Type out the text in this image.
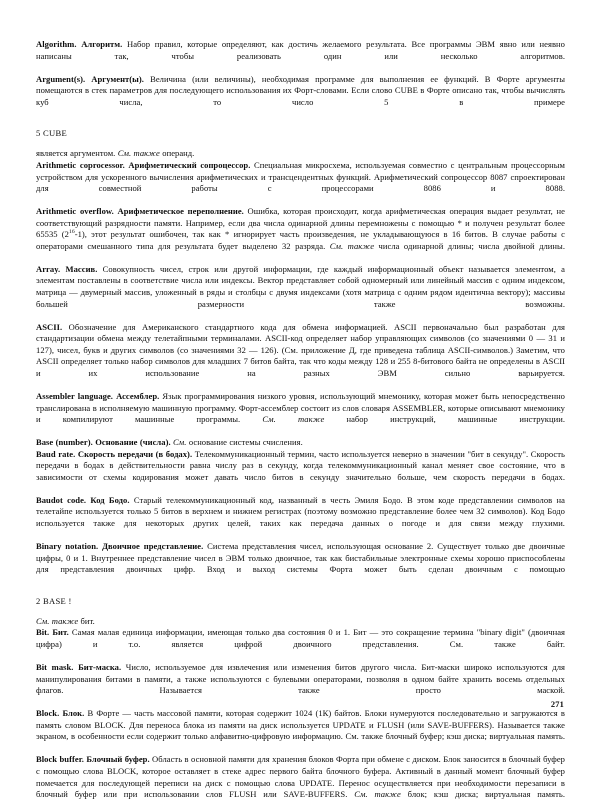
Algorithm. Алгоритм. Набор правил, которые определяют, как достичь желаемого результата. Все программы ЭВМ явно или неявно написаны так, чтобы реализовать один или несколько алгоритмов.

Argument(s). Аргумент(ы). Величина (или величины), необходимая программе для выполнения ее функций. В Форте аргументы помещаются в стек параметров для последующего использования их Форт-словами. Если слово CUBE в Форте описано так, чтобы вычислять куб числа, то число 5 в примере

5 CUBE

является аргументом. См. также операнд.

Arithmetic coprocessor. Арифметический сопроцессор. Специальная микросхема, используемая совместно с центральным процессорным устройством для ускоренного вычисления арифметических и трансцендентных функций. Арифметический сопроцессор 8087 спроектирован для совместной работы с процессорами 8086 и 8088.

Arithmetic overflow. Арифметическое переполнение. Ошибка, которая происходит, когда арифметическая операция выдает результат, не соответствующий разрядности памяти. Например, если два числа одинарной длины перемножены с помощью * и получен результат более 65535 $(2^{16}-1)$, этот результат ошибочен, так как * игнорирует часть произведения, не укладывающуюся в 16 битов. В случае работы с операторами смешанного типа для результата будет выделено 32 разряда. См. также числа одинарной длины; числа двойной длины.

Array. Массив. Совокупность чисел, строк или другой информации, где каждый информационный объект называется элементом, а элементам поставлены в соответствие числа или индексы. Вектор представляет собой одномерный или линейный массив с одним индексом, матрица — двумерный массив, уложенный в ряды и столбцы с двумя индексами (хотя матрица с одним рядом идентична вектору); массивы большей размерности также возможны.

ASCII. Обозначение для Американского стандартного кода для обмена информацией. ASCII первоначально был разработан для стандартизации обмена между телетайпными терминалами. ASCII-код определяет набор управляющих символов (со значениями 0 — 31 и 127), чисел, букв и других символов (со значениями 32 — 126). (См. приложение Д, где приведена таблица ASCII-символов.) Заметим, что ASCII определяет только набор символов для младших 7 битов байта, так что коды между 128 и 255 8-битового байта не определены в ASCII и их использование на разных ЭВМ сильно варьируется.

Assembler language. Ассемблер. Язык программирования низкого уровня, использующий мнемонику, которая может быть непосредственно транслирована в исполняемую машинную программу. Форт-ассемблер состоит из слов словаря ASSEMBLER, которые описывают мнемонику и компилируют машинные программы. См. также набор инструкций, машинные инструкции.

Base (number). Основание (числа). См. основание системы счисления.

Baud rate. Скорость передачи (в бодах). Телекоммуникационный термин, часто используется неверно в значении "бит в секунду". Скорость передачи в бодах в действительности равна числу раз в секунду, когда телекоммуникационный канал меняет свое состояние, что в зависимости от схемы кодирования может давать число битов в секунду значительно больше, чем скорость передачи в бодах.

Baudot code. Код Бодо. Старый телекоммуникационный код, названный в честь Эмиля Бодо. В этом коде представлении символов на телетайпе используется только 5 битов в верхнем и нижнем регистрах (поэтому возможно представление более чем 32 символов). Код Бодо используется также для некоторых других целей, таких как передача данных о погоде и для связи между глухими.

Binary notation. Двоичное представление. Система представления чисел, использующая основание 2. Существует только две двоичные цифры, 0 и 1. Внутреннее представление чисел в ЭВМ только двоичное, так как бистабильные электронные схемы хорошо приспособлены для представления двоичных цифр. Вход и выход системы Форта может быть сделан двоичным с помощью

2 BASE !

См. также бит.

Bit. Бит. Самая малая единица информации, имеющая только два состояния 0 и 1. Бит — это сокращение термина "binary digit" (двоичная цифра) и т.о. является цифрой двоичного представления. См. также байт.

Bit mask. Бит-маска. Число, используемое для извлечения или изменения битов другого числа. Бит-маски широко используются для манипулирования битами в памяти, а также используются с булевыми операторами, позволяя в одном байте хранить восемь отдельных флагов. Называется также просто маской.

Block. Блок. В Форте — часть массовой памяти, которая содержит 1024 (1К) байтов. Блоки нумеруются последовательно и загружаются в память словом BLOCK. Для переноса блока из памяти на диск используется UPDATE и FLUSH (или SAVE-BUFFERS). Называется также экраном, в особенности если содержит только алфавитно-цифровую информацию. См. также блочный буфер; кэш диска; виртуальная память.

Block buffer. Блочный буфер. Область в основной памяти для хранения блоков Форта при обмене с диском. Блок заносится в блочный буфер с помощью слова BLOCK, которое оставляет в стеке адрес первого байта блочного буфера. Активный в данный момент блочный буфер помечается для последующей переписи на диск с помощью слова UPDATE. Перенос осуществляется при необходимости перезаписи в блочный буфер или при использовании слов FLUSH или SAVE-BUFFERS. См. также блок; кэш диска; виртуальная память.

271
